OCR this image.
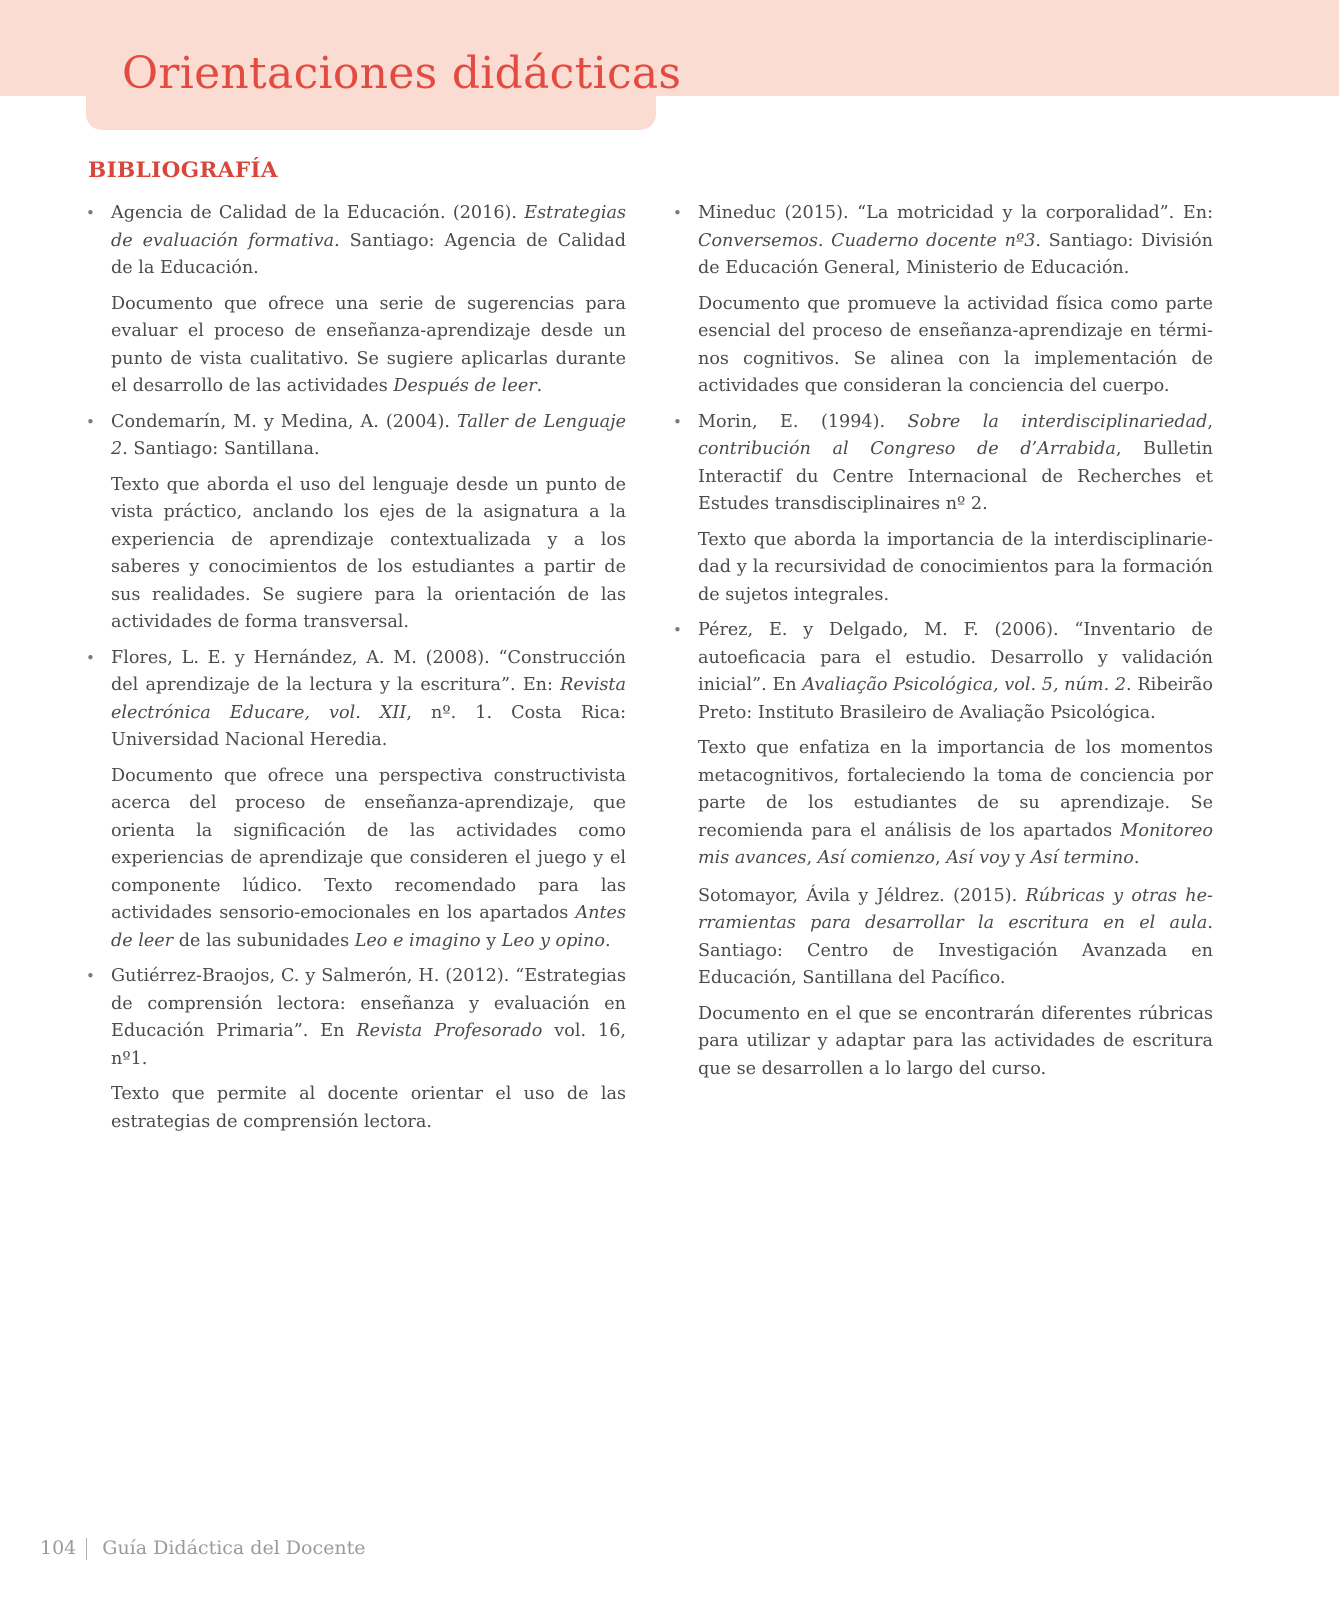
Orientaciones didácticas
BIBLIOGRAFÍA
• Agencia de Calidad de la Educación. (2016). Estrategias de evaluación formativa. Santiago: Agencia de Calidad de la Educación.

Documento que ofrece una serie de sugerencias para evaluar el proceso de enseñanza-aprendizaje desde un punto de vista cualitativo. Se sugiere aplicarlas durante el desarrollo de las actividades Después de leer.

• Condemarín, M. y Medina, A. (2004). Taller de Lenguaje 2. Santiago: Santillana.

Texto que aborda el uso del lenguaje desde un punto de vista práctico, anclando los ejes de la asignatura a la experiencia de aprendizaje contextualizada y a los saberes y conocimientos de los estudiantes a partir de sus realidades. Se sugiere para la orientación de las actividades de forma transversal.

• Flores, L. E. y Hernández, A. M. (2008). “Construcción del aprendizaje de la lectura y la escritura”. En: Revista electrónica Educare, vol. XII, nº. 1. Costa Rica: Universidad Nacional Heredia.

Documento que ofrece una perspectiva constructivista acerca del proceso de enseñanza-aprendizaje, que orienta la significación de las actividades como experiencias de aprendizaje que consideren el juego y el componente lúdico. Texto recomendado para las actividades sensorio-emocionales en los apartados Antes de leer de las subunidades Leo e imagino y Leo y opino.

• Gutiérrez-Braojos, C. y Salmerón, H. (2012). “Estrategias de comprensión lectora: enseñanza y evaluación en Educación Primaria”. En Revista Profesorado vol. 16, nº1.

Texto que permite al docente orientar el uso de las estrategias de comprensión lectora.

• Mineduc (2015). “La motricidad y la corporalidad”. En: Conversemos. Cuaderno docente nº3. Santiago: División de Educación General, Ministerio de Educación.

Documento que promueve la actividad física como parte esencial del proceso de enseñanza-aprendizaje en términos cognitivos. Se alinea con la implementación de actividades que consideran la conciencia del cuerpo.

• Morin, E. (1994). Sobre la interdisciplinariedad, contribución al Congreso de d’Arrabida, Bulletin Interactif du Centre Internacional de Recherches et Estudes transdisciplinaires nº 2.

Texto que aborda la importancia de la interdisciplinariedad y la recursividad de conocimientos para la formación de sujetos integrales.

• Pérez, E. y Delgado, M. F. (2006). “Inventario de autoeficacia para el estudio. Desarrollo y validación inicial”. En Avaliação Psicológica, vol. 5, núm. 2. Ribeirão Preto: Instituto Brasileiro de Avaliação Psicológica.

Texto que enfatiza en la importancia de los momentos metacognitivos, fortaleciendo la toma de conciencia por parte de los estudiantes de su aprendizaje. Se recomienda para el análisis de los apartados Monitoreo mis avances, Así comienzo, Así voy y Así termino.

Sotomayor, Ávila y Jéldrez. (2015). Rúbricas y otras herramientas para desarrollar la escritura en el aula. Santiago: Centro de Investigación Avanzada en Educación, Santillana del Pacífico.

Documento en el que se encontrarán diferentes rúbricas para utilizar y adaptar para las actividades de escritura que se desarrollen a lo largo del curso.

104 Guía Didáctica del Docente
